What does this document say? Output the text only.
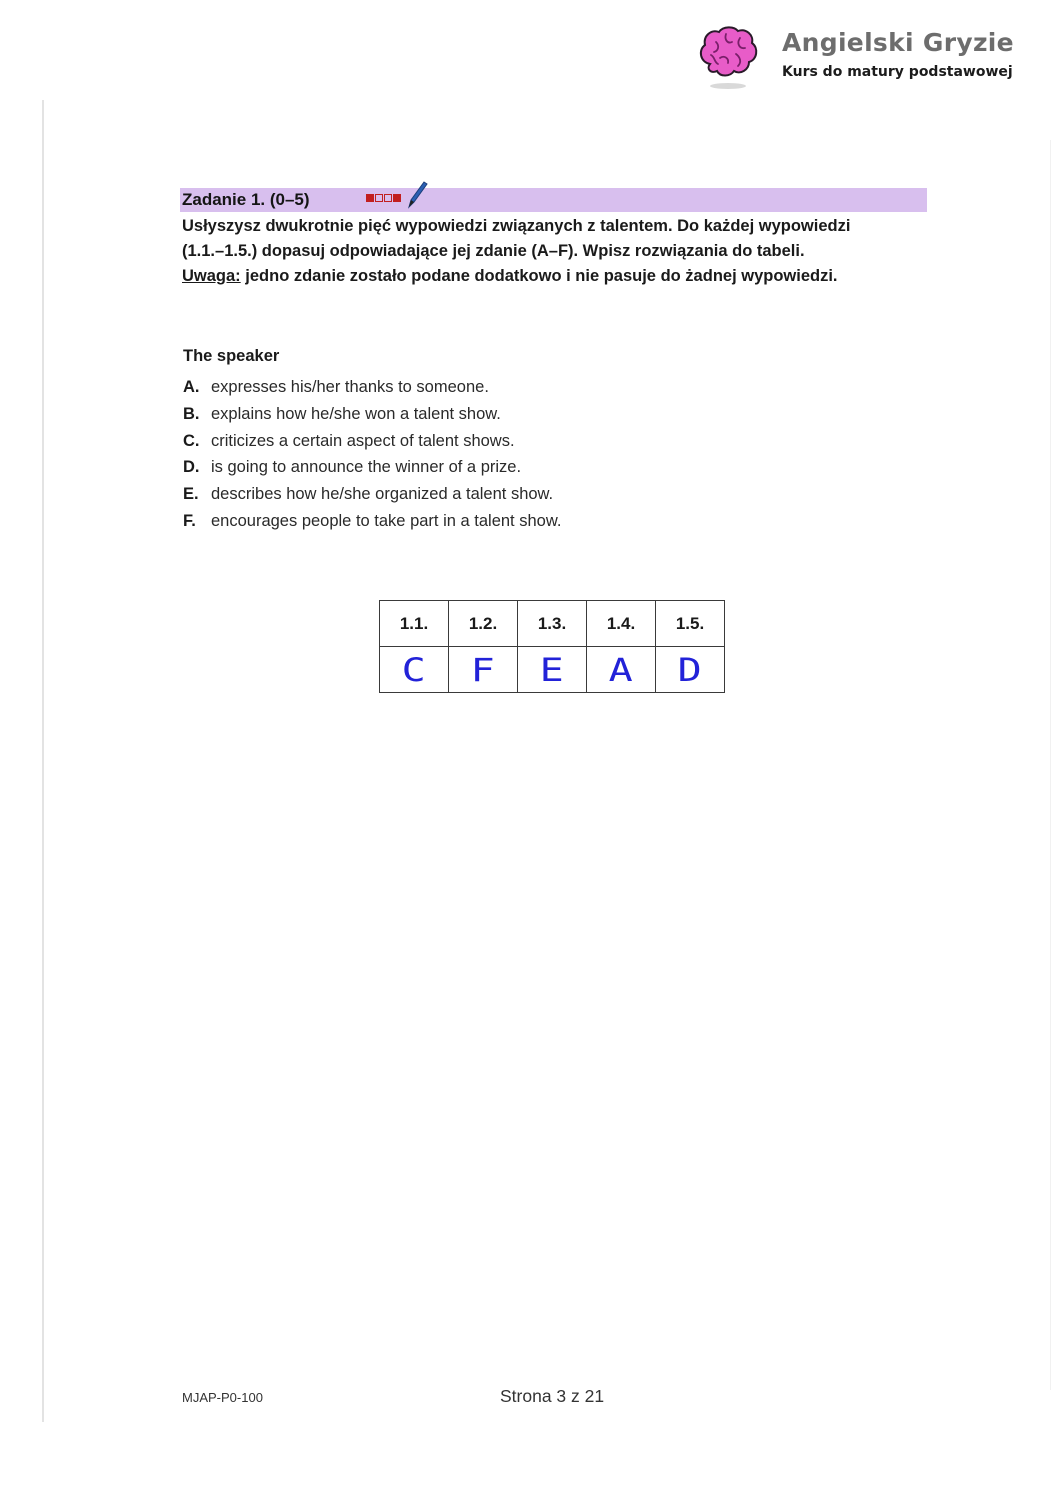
Angielski Gryzie
Kurs do matury podstawowej
Zadanie 1. (0–5)

Usłyszysz dwukrotnie pięć wypowiedzi związanych z talentem. Do każdej wypowiedzi

(1.1.–1.5.) dopasuj odpowiadające jej zdanie (A–F). Wpisz rozwiązania do tabeli.

Uwaga: jedno zdanie zostało podane dodatkowo i nie pasuje do żadnej wypowiedzi.

The speaker
A. expresses his/her thanks to someone.
B. explains how he/she won a talent show.
C. criticizes a certain aspect of talent shows.
D. is going to announce the winner of a prize.
E. describes how he/she organized a talent show.
F. encourages people to take part in a talent show.
1.1.	1.2.	1.3.	1.4.	1.5.
C	F	E	A	D
MJAP-P0-100	Strona 3 z 21
